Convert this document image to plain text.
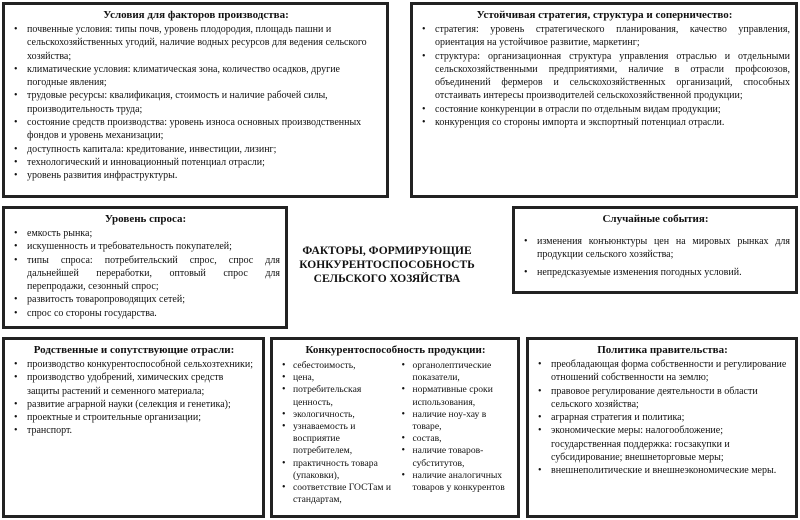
Условия для факторов производства:
• почвенные условия: типы почв, уровень плодородия, площадь пашни и сельскохозяйственных угодий, наличие водных ресурсов для ведения сельского хозяйства;
• климатические условия: климатическая зона, количество осадков, другие погодные явления;
• трудовые ресурсы: квалификация, стоимость и наличие рабочей силы, производительность труда;
• состояние средств производства: уровень износа основных производственных фондов и уровень механизации;
• доступность капитала: кредитование, инвестиции, лизинг;
• технологический и инновационный потенциал отрасли;
• уровень развития инфраструктуры.
Устойчивая стратегия, структура и соперничество:
• стратегия: уровень стратегического планирования, качество управления, ориентация на устойчивое развитие, маркетинг;
• структура: организационная структура управления отраслью и отдельными сельскохозяйственными предприятиями, наличие в отрасли профсоюзов, объединений фермеров и сельскохозяйственных организаций, способных отстаивать интересы производителей сельскохозяйственной продукции;
• состояние конкуренции в отрасли по отдельным видам продукции;
• конкуренция со стороны импорта и экспортный потенциал отрасли.
Уровень спроса:
• емкость рынка;
• искушенность и требовательность покупателей;
• типы спроса: потребительский спрос, спрос для дальнейшей переработки, оптовый спрос для перепродажи, сезонный спрос;
• развитость товаропроводящих сетей;
• спрос со стороны государства.
ФАКТОРЫ, ФОРМИРУЮЩИЕ
КОНКУРЕНТОСПОСОБНОСТЬ
СЕЛЬСКОГО ХОЗЯЙСТВА
Случайные события:
• изменения конъюнктуры цен на мировых рынках для продукции сельского хозяйства;
• непредсказуемые изменения погодных условий.
Родственные и сопутствующие отрасли:
• производство конкурентоспособной сельхозтехники;
• производство удобрений, химических средств защиты растений и семенного материала;
• развитие аграрной науки (селекция и генетика);
• проектные и строительные организации;
• транспорт.
Конкурентоспособность продукции:
• себестоимость,
• цена,
• потребительская ценность,
• экологичность,
• узнаваемость и восприятие потребителем,
• практичность товара (упаковки),
• соответствие ГОСТам и стандартам,
• органолептические показатели,
• нормативные сроки использования,
• наличие ноу-хау в товаре,
• состав,
• наличие товаров-субститутов,
• наличие аналогичных товаров у конкурентов
Политика правительства:
• преобладающая форма собственности и регулирование отношений собственности на землю;
• правовое регулирование деятельности в области сельского хозяйства;
• аграрная стратегия и политика;
• экономические меры: налогообложение; государственная поддержка: госзакупки и субсидирование; внешнеторговые меры;
• внешнеполитические и внешнеэкономические меры.
